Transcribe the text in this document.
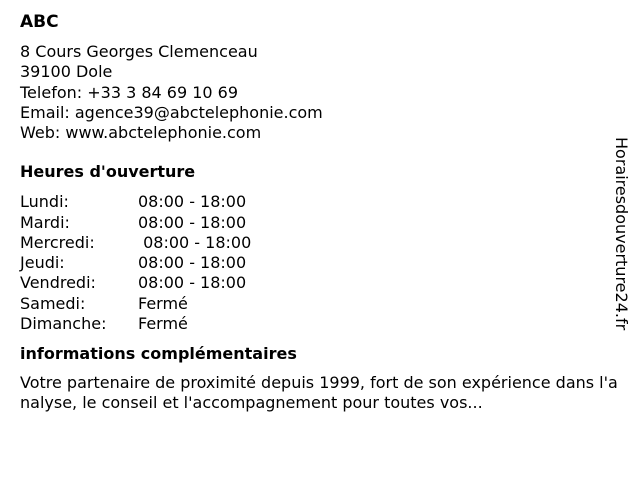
ABC
8 Cours Georges Clemenceau
39100 Dole
Telefon: +33 3 84 69 10 69
Email: agence39@abctelephonie.com
Web: www.abctelephonie.com
Heures d'ouverture
Lundi:	08:00 - 18:00
Mardi:	08:00 - 18:00
Mercredi:	08:00 - 18:00
Jeudi:	08:00 - 18:00
Vendredi:	08:00 - 18:00
Samedi:	Fermé
Dimanche:	Fermé
informations complémentaires
Votre partenaire de proximité depuis 1999, fort de son expérience dans l'analyse, le conseil et l'accompagnement pour toutes vos...
Horairesdouverture24.fr
